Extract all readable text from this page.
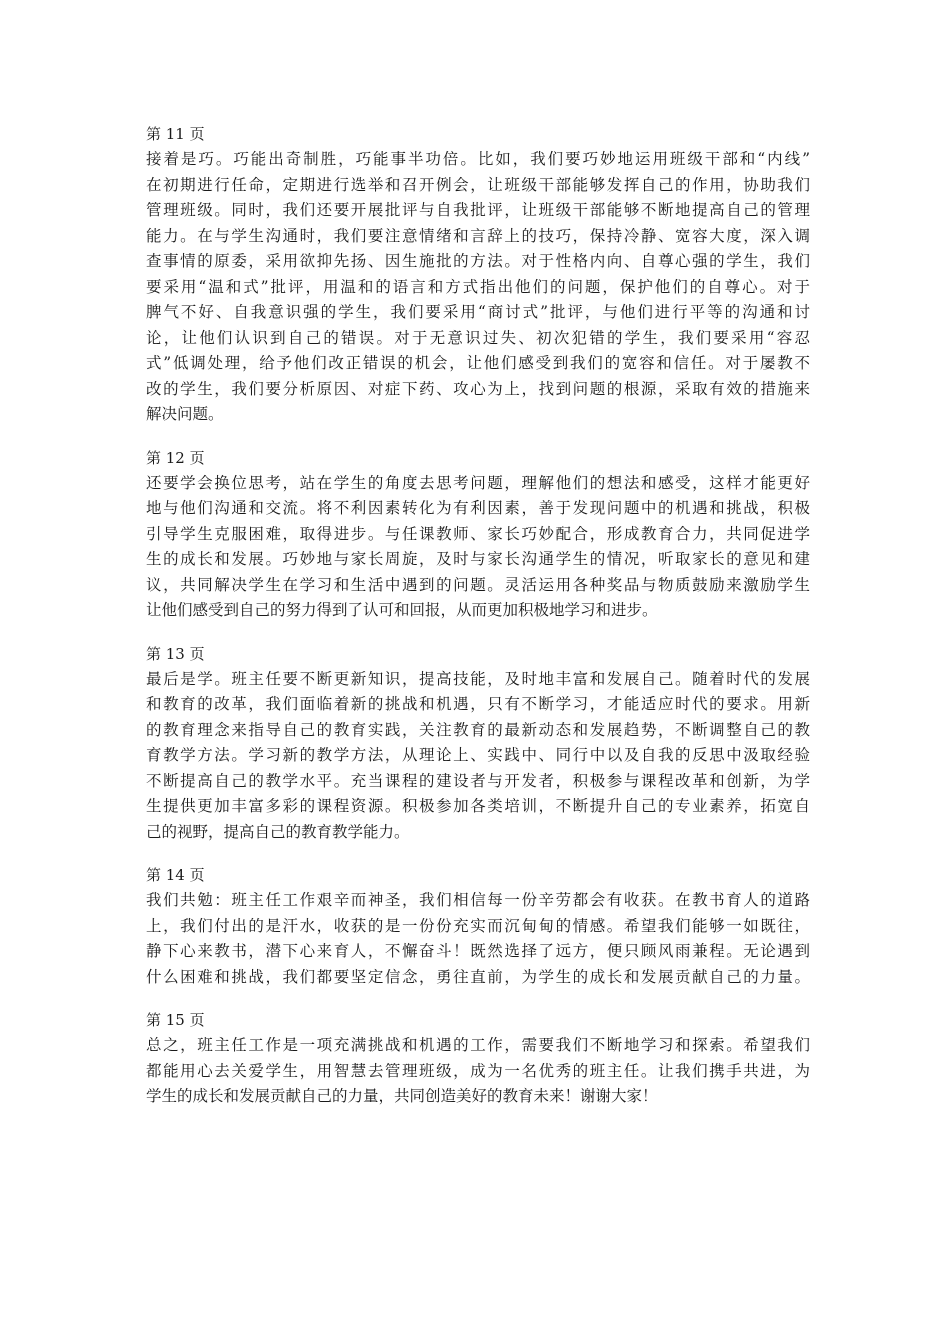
第 11 页
接着是巧。巧能出奇制胜，巧能事半功倍。比如，我们要巧妙地运用班级干部和“内线”
在初期进行任命，定期进行选举和召开例会，让班级干部能够发挥自己的作用，协助我们
管理班级。同时，我们还要开展批评与自我批评，让班级干部能够不断地提高自己的管理
能力。在与学生沟通时，我们要注意情绪和言辞上的技巧，保持冷静、宽容大度，深入调
查事情的原委，采用欲抑先扬、因生施批的方法。对于性格内向、自尊心强的学生，我们
要采用“温和式”批评，用温和的语言和方式指出他们的问题，保护他们的自尊心。对于
脾气不好、自我意识强的学生，我们要采用“商讨式”批评，与他们进行平等的沟通和讨
论，让他们认识到自己的错误。对于无意识过失、初次犯错的学生，我们要采用“容忍
式”低调处理，给予他们改正错误的机会，让他们感受到我们的宽容和信任。对于屡教不
改的学生，我们要分析原因、对症下药、攻心为上，找到问题的根源，采取有效的措施来
解决问题。
第 12 页
还要学会换位思考，站在学生的角度去思考问题，理解他们的想法和感受，这样才能更好
地与他们沟通和交流。将不利因素转化为有利因素，善于发现问题中的机遇和挑战，积极
引导学生克服困难，取得进步。与任课教师、家长巧妙配合，形成教育合力，共同促进学
生的成长和发展。巧妙地与家长周旋，及时与家长沟通学生的情况，听取家长的意见和建
议，共同解决学生在学习和生活中遇到的问题。灵活运用各种奖品与物质鼓励来激励学生
让他们感受到自己的努力得到了认可和回报，从而更加积极地学习和进步。
第 13 页
最后是学。班主任要不断更新知识，提高技能，及时地丰富和发展自己。随着时代的发展
和教育的改革，我们面临着新的挑战和机遇，只有不断学习，才能适应时代的要求。用新
的教育理念来指导自己的教育实践，关注教育的最新动态和发展趋势，不断调整自己的教
育教学方法。学习新的教学方法，从理论上、实践中、同行中以及自我的反思中汲取经验
不断提高自己的教学水平。充当课程的建设者与开发者，积极参与课程改革和创新，为学
生提供更加丰富多彩的课程资源。积极参加各类培训，不断提升自己的专业素养，拓宽自
己的视野，提高自己的教育教学能力。
第 14 页
我们共勉：班主任工作艰辛而神圣，我们相信每一份辛劳都会有收获。在教书育人的道路
上，我们付出的是汗水，收获的是一份份充实而沉甸甸的情感。希望我们能够一如既往，
静下心来教书，潜下心来育人，不懈奋斗！既然选择了远方，便只顾风雨兼程。无论遇到
什么困难和挑战，我们都要坚定信念，勇往直前，为学生的成长和发展贡献自己的力量。
第 15 页
总之，班主任工作是一项充满挑战和机遇的工作，需要我们不断地学习和探索。希望我们
都能用心去关爱学生，用智慧去管理班级，成为一名优秀的班主任。让我们携手共进，为
学生的成长和发展贡献自己的力量，共同创造美好的教育未来！谢谢大家！
